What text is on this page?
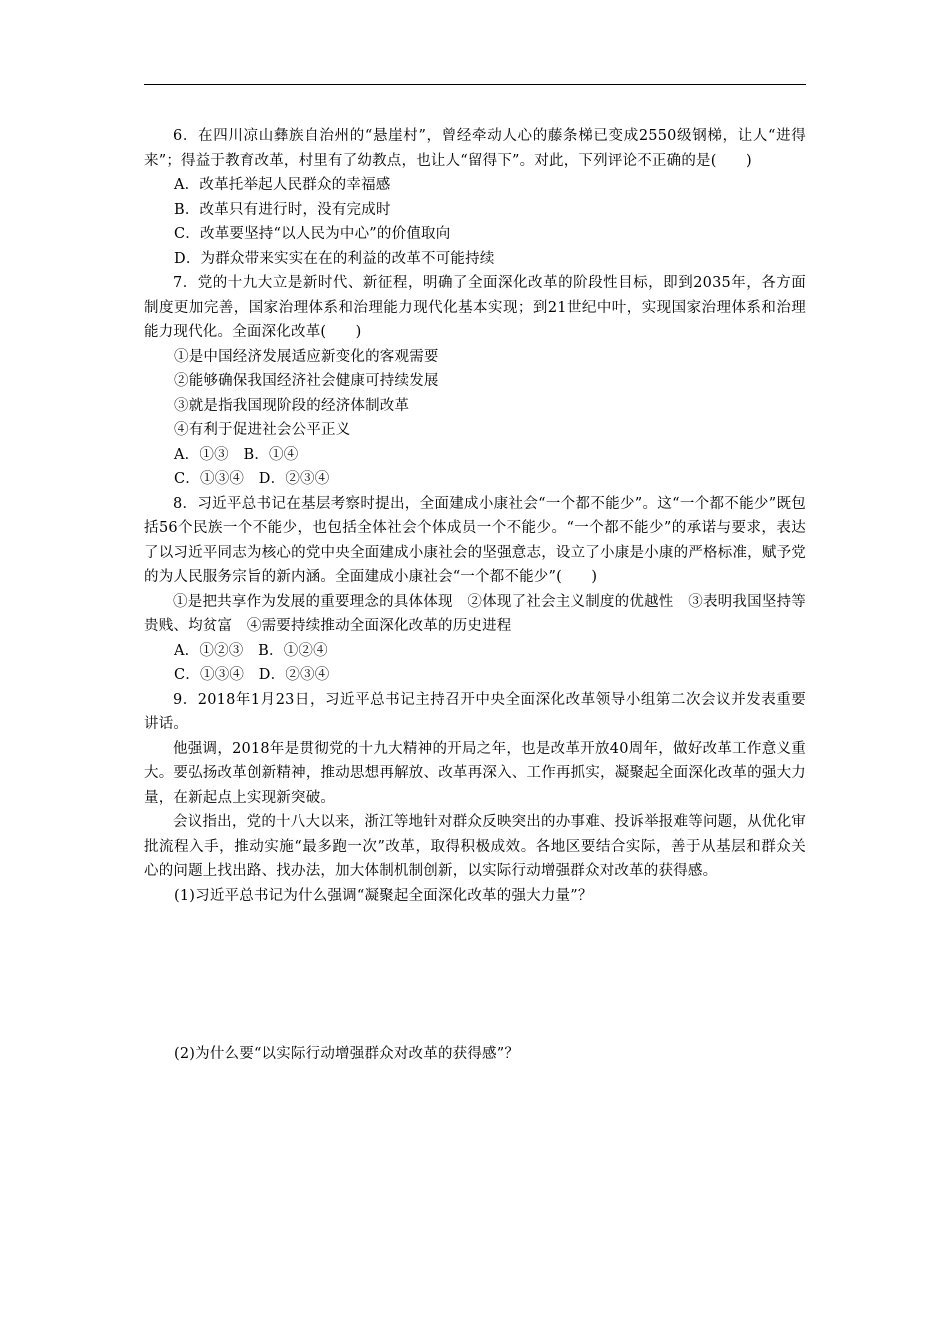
6．在四川凉山彝族自治州的“悬崖村”，曾经牵动人心的藤条梯已变成2550级钢梯，让人“进得来”；得益于教育改革，村里有了幼教点，也让人“留得下”。对此，下列评论不正确的是(　　)

A．改革托举起人民群众的幸福感

B．改革只有进行时，没有完成时

C．改革要坚持“以人民为中心”的价值取向

D．为群众带来实实在在的利益的改革不可能持续

7．党的十九大立是新时代、新征程，明确了全面深化改革的阶段性目标，即到2035年，各方面制度更加完善，国家治理体系和治理能力现代化基本实现；到21世纪中叶，实现国家治理体系和治理能力现代化。全面深化改革(　　)

①是中国经济发展适应新变化的客观需要

②能够确保我国经济社会健康可持续发展

③就是指我国现阶段的经济体制改革

④有利于促进社会公平正义

A．①③　B．①④

C．①③④　D．②③④

8．习近平总书记在基层考察时提出，全面建成小康社会“一个都不能少”。这“一个都不能少”既包括56个民族一个不能少，也包括全体社会个体成员一个不能少。“一个都不能少”的承诺与要求，表达了以习近平同志为核心的党中央全面建成小康社会的坚强意志，设立了小康是小康的严格标准，赋予党的为人民服务宗旨的新内涵。全面建成小康社会“一个都不能少”(　　)

①是把共享作为发展的重要理念的具体体现　②体现了社会主义制度的优越性　③表明我国坚持等贵贱、均贫富　④需要持续推动全面深化改革的历史进程

A．①②③　B．①②④

C．①③④　D．②③④

9．2018年1月23日，习近平总书记主持召开中央全面深化改革领导小组第二次会议并发表重要讲话。

他强调，2018年是贯彻党的十九大精神的开局之年，也是改革开放40周年，做好改革工作意义重大。要弘扬改革创新精神，推动思想再解放、改革再深入、工作再抓实，凝聚起全面深化改革的强大力量，在新起点上实现新突破。

会议指出，党的十八大以来，浙江等地针对群众反映突出的办事难、投诉举报难等问题，从优化审批流程入手，推动实施“最多跑一次”改革，取得积极成效。各地区要结合实际，善于从基层和群众关心的问题上找出路、找办法，加大体制机制创新，以实际行动增强群众对改革的获得感。

(1)习近平总书记为什么强调“凝聚起全面深化改革的强大力量”？

(2)为什么要“以实际行动增强群众对改革的获得感”？
